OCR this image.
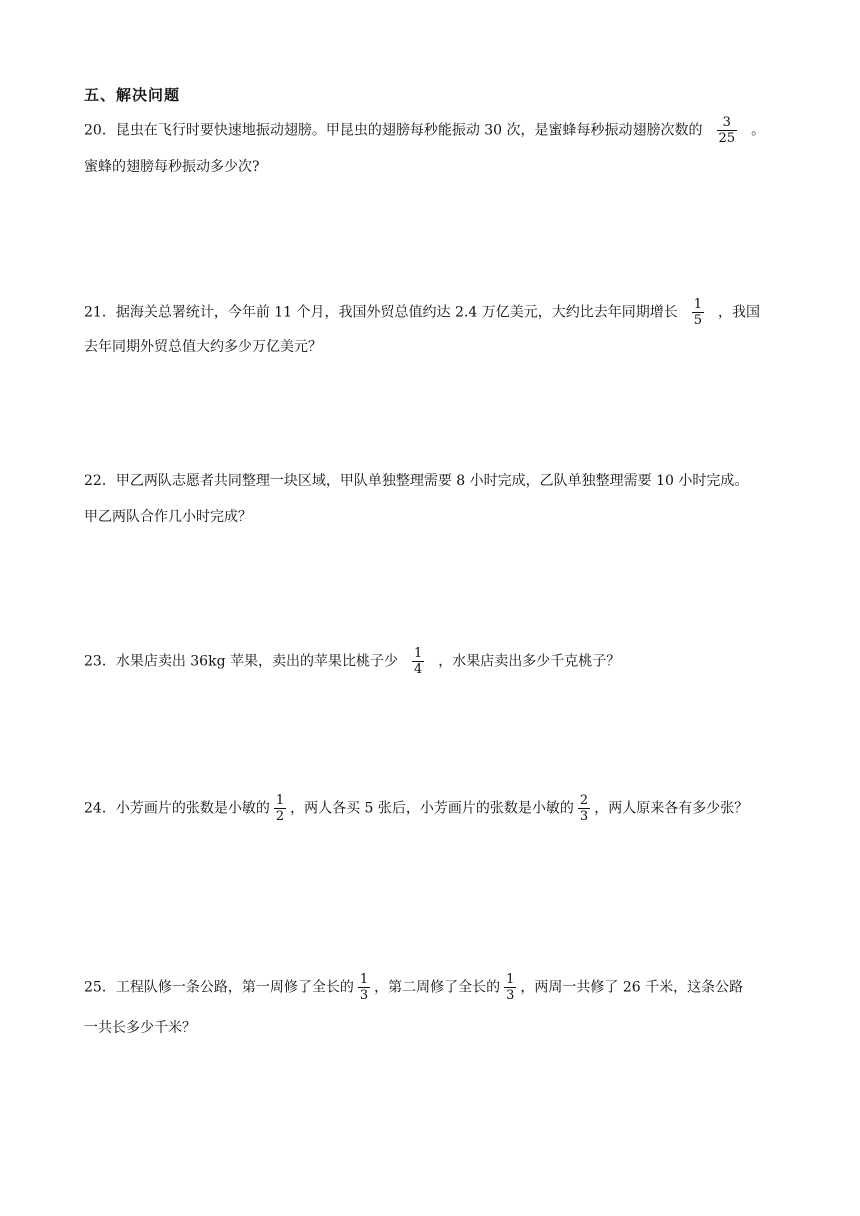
五、解决问题
20．昆虫在飞行时要快速地振动翅膀。甲昆虫的翅膀每秒能振动 30 次，是蜜蜂每秒振动翅膀次数的 $\frac{3}{25}$ 。
蜜蜂的翅膀每秒振动多少次?
21．据海关总署统计，今年前 11 个月，我国外贸总值约达 2.4 万亿美元，大约比去年同期增长 $\frac{1}{5}$ ，我国
去年同期外贸总值大约多少万亿美元？
22．甲乙两队志愿者共同整理一块区域，甲队单独整理需要 8 小时完成，乙队单独整理需要 10 小时完成。
甲乙两队合作几小时完成？
23．水果店卖出 36kg 苹果，卖出的苹果比桃子少 $\frac{1}{4}$ ，水果店卖出多少千克桃子？
24．小芳画片的张数是小敏的 $\frac{1}{2}$ ，两人各买 5 张后，小芳画片的张数是小敏的 $\frac{2}{3}$ ，两人原来各有多少张？
25．工程队修一条公路，第一周修了全长的 $\frac{1}{3}$ ，第二周修了全长的 $\frac{1}{3}$ ，两周一共修了 26 千米，这条公路
一共长多少千米？
